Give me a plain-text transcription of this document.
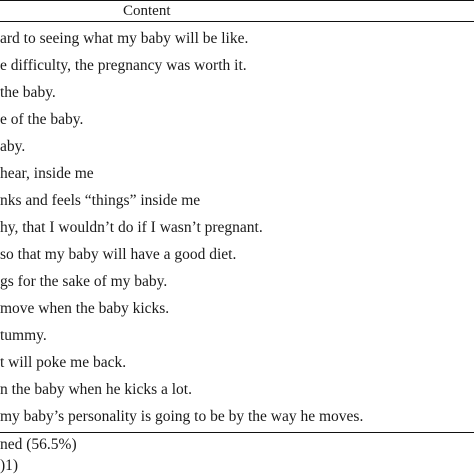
Content
ard to seeing what my baby will be like.
e difficulty, the pregnancy was worth it.
the baby.
e of the baby.
aby.
hear, inside me
nks and feels “things” inside me
hy, that I wouldn’t do if I wasn’t pregnant.
so that my baby will have a good diet.
gs for the sake of my baby.
move when the baby kicks.
tummy.
t will poke me back.
n the baby when he kicks a lot.
my baby’s personality is going to be by the way he moves.
ned (56.5%)
)1)
